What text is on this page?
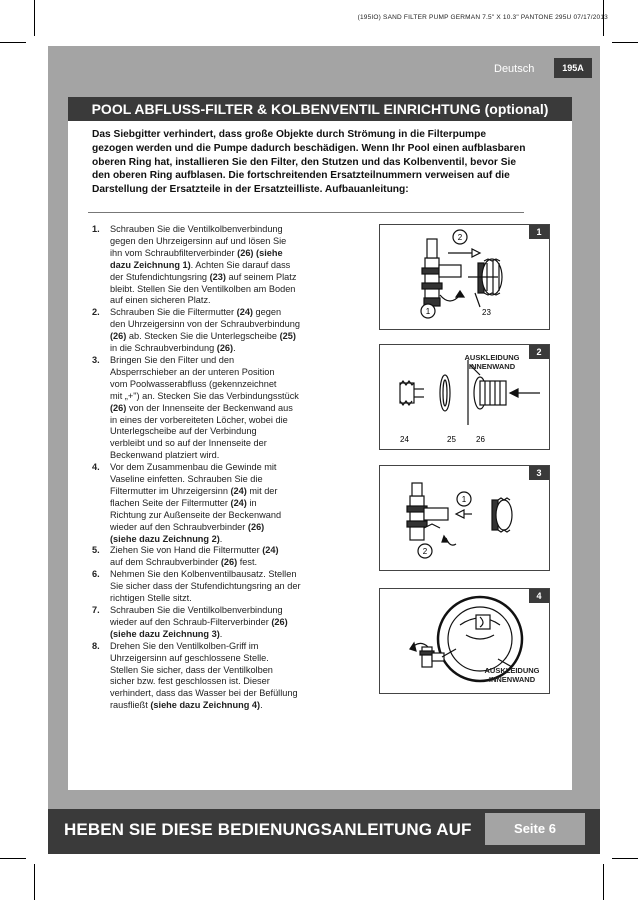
(195IO) SAND FILTER PUMP GERMAN 7.5" X 10.3" PANTONE 295U 07/17/2013
Deutsch	195A
POOL ABFLUSS-FILTER & KOLBENVENTIL EINRICHTUNG (optional)
Das Siebgitter verhindert, dass große Objekte durch Strömung in die Filterpumpe
gezogen werden und die Pumpe dadurch beschädigen. Wenn Ihr Pool einen aufblasbaren
oberen Ring hat, installieren Sie den Filter, den Stutzen und das Kolbenventil, bevor Sie
den oberen Ring aufblasen. Die fortschreitenden Ersatzteilnummern verweisen auf die
Darstellung der Ersatzteile in der Ersatzteilliste. Aufbauanleitung:
1. Schrauben Sie die Ventilkolbenverbindung
gegen den Uhrzeigersinn auf und lösen Sie
ihn vom Schraubfilterverbinder (26) (siehe
dazu Zeichnung 1). Achten Sie darauf dass
der Stufendichtungsring (23) auf seinem Platz
bleibt. Stellen Sie den Ventilkolben am Boden
auf einen sicheren Platz.
2. Schrauben Sie die Filtermutter (24) gegen
den Uhrzeigersinn von der Schraubverbindung
(26) ab. Stecken Sie die Unterlegscheibe (25)
in die Schraubverbindung (26).
3. Bringen Sie den Filter und den
Absperrschieber an der unteren Position
vom Poolwasserabfluss (gekennzeichnet
mit „+") an. Stecken Sie das Verbindungsstück
(26) von der Innenseite der Beckenwand aus
in eines der vorbereiteten Löcher, wobei die
Unterlegscheibe auf der Verbindung
verbleibt und so auf der Innenseite der
Beckenwand platziert wird.
4. Vor dem Zusammenbau die Gewinde mit
Vaseline einfetten. Schrauben Sie die
Filtermutter im Uhrzeigersinn (24) mit der
flachen Seite der Filtermutter (24) in
Richtung zur Außenseite der Beckenwand
wieder auf den Schraubverbinder (26)
(siehe dazu Zeichnung 2).
5. Ziehen Sie von Hand die Filtermutter (24)
auf dem Schraubverbinder (26) fest.
6. Nehmen Sie den Kolbenventilbausatz. Stellen
Sie sicher dass der Stufendichtungsring an der
richtigen Stelle sitzt.
7. Schrauben Sie die Ventilkolbenverbindung
wieder auf den Schraub-Filterverbinder (26)
(siehe dazu Zeichnung 3).
8. Drehen Sie den Ventilkolben-Griff im
Uhrzeigersinn auf geschlossene Stelle.
Stellen Sie sicher, dass der Ventilkolben
sicher bzw. fest geschlossen ist. Dieser
verhindert, dass das Wasser bei der Befüllung
rausfließt (siehe dazu Zeichnung 4).
1
2
1	23
2
24	25	26
AUSKLEIDUNG
INNENWAND
3
1
2
4
AUSKLEIDUNG
INNENWAND
HEBEN SIE DIESE BEDIENUNGSANLEITUNG AUF	Seite 6
